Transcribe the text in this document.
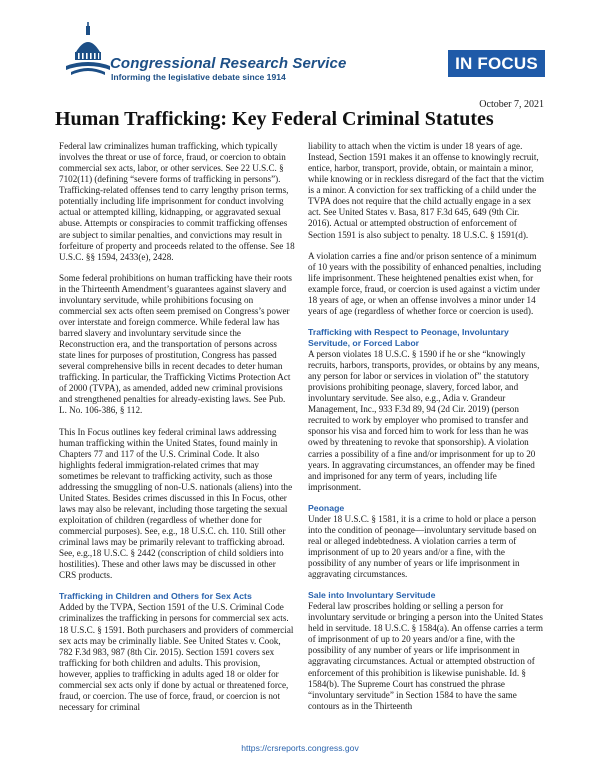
Congressional Research Service
Informing the legislative debate since 1914
IN FOCUS
October 7, 2021
Human Trafficking: Key Federal Criminal Statutes

Federal law criminalizes human trafficking, which typically involves the threat or use of force, fraud, or coercion to obtain commercial sex acts, labor, or other services. See 22 U.S.C. § 7102(11) (defining “severe forms of trafficking in persons”). Trafficking-related offenses tend to carry lengthy prison terms, potentially including life imprisonment for conduct involving actual or attempted killing, kidnapping, or aggravated sexual abuse. Attempts or conspiracies to commit trafficking offenses are subject to similar penalties, and convictions may result in forfeiture of property and proceeds related to the offense. See 18 U.S.C. §§ 1594, 2433(e), 2428.

Some federal prohibitions on human trafficking have their roots in the Thirteenth Amendment’s guarantees against slavery and involuntary servitude, while prohibitions focusing on commercial sex acts often seem premised on Congress’s power over interstate and foreign commerce. While federal law has barred slavery and involuntary servitude since the Reconstruction era, and the transportation of persons across state lines for purposes of prostitution, Congress has passed several comprehensive bills in recent decades to deter human trafficking. In particular, the Trafficking Victims Protection Act of 2000 (TVPA), as amended, added new criminal provisions and strengthened penalties for already-existing laws. See Pub. L. No. 106-386, § 112.

This In Focus outlines key federal criminal laws addressing human trafficking within the United States, found mainly in Chapters 77 and 117 of the U.S. Criminal Code. It also highlights federal immigration-related crimes that may sometimes be relevant to trafficking activity, such as those addressing the smuggling of non-U.S. nationals (aliens) into the United States. Besides crimes discussed in this In Focus, other laws may also be relevant, including those targeting the sexual exploitation of children (regardless of whether done for commercial purposes). See, e.g., 18 U.S.C. ch. 110. Still other criminal laws may be primarily relevant to trafficking abroad. See, e.g.,18 U.S.C. § 2442 (conscription of child soldiers into hostilities). These and other laws may be discussed in other CRS products.

Trafficking in Children and Others for Sex Acts

Added by the TVPA, Section 1591 of the U.S. Criminal Code criminalizes the trafficking in persons for commercial sex acts. 18 U.S.C. § 1591. Both purchasers and providers of commercial sex acts may be criminally liable. See United States v. Cook, 782 F.3d 983, 987 (8th Cir. 2015). Section 1591 covers sex trafficking for both children and adults. This provision, however, applies to trafficking in adults aged 18 or older for commercial sex acts only if done by actual or threatened force, fraud, or coercion. The use of force, fraud, or coercion is not necessary for criminal

liability to attach when the victim is under 18 years of age. Instead, Section 1591 makes it an offense to knowingly recruit, entice, harbor, transport, provide, obtain, or maintain a minor, while knowing or in reckless disregard of the fact that the victim is a minor. A conviction for sex trafficking of a child under the TVPA does not require that the child actually engage in a sex act. See United States v. Basa, 817 F.3d 645, 649 (9th Cir. 2016). Actual or attempted obstruction of enforcement of Section 1591 is also subject to penalty. 18 U.S.C. § 1591(d).

A violation carries a fine and/or prison sentence of a minimum of 10 years with the possibility of enhanced penalties, including life imprisonment. These heightened penalties exist when, for example force, fraud, or coercion is used against a victim under 18 years of age, or when an offense involves a minor under 14 years of age (regardless of whether force or coercion is used).

Trafficking with Respect to Peonage, Involuntary Servitude, or Forced Labor

A person violates 18 U.S.C. § 1590 if he or she “knowingly recruits, harbors, transports, provides, or obtains by any means, any person for labor or services in violation of” the statutory provisions prohibiting peonage, slavery, forced labor, and involuntary servitude. See also, e.g., Adia v. Grandeur Management, Inc., 933 F.3d 89, 94 (2d Cir. 2019) (person recruited to work by employer who promised to transfer and sponsor his visa and forced him to work for less than he was owed by threatening to revoke that sponsorship). A violation carries a possibility of a fine and/or imprisonment for up to 20 years. In aggravating circumstances, an offender may be fined and imprisoned for any term of years, including life imprisonment.

Peonage

Under 18 U.S.C. § 1581, it is a crime to hold or place a person into the condition of peonage—involuntary servitude based on real or alleged indebtedness. A violation carries a term of imprisonment of up to 20 years and/or a fine, with the possibility of any number of years or life imprisonment in aggravating circumstances.

Sale into Involuntary Servitude

Federal law proscribes holding or selling a person for involuntary servitude or bringing a person into the United States held in servitude. 18 U.S.C. § 1584(a). An offense carries a term of imprisonment of up to 20 years and/or a fine, with the possibility of any number of years or life imprisonment in aggravating circumstances. Actual or attempted obstruction of enforcement of this prohibition is likewise punishable. Id. § 1584(b). The Supreme Court has construed the phrase “involuntary servitude” in Section 1584 to have the same contours as in the Thirteenth

https://crsreports.congress.gov
